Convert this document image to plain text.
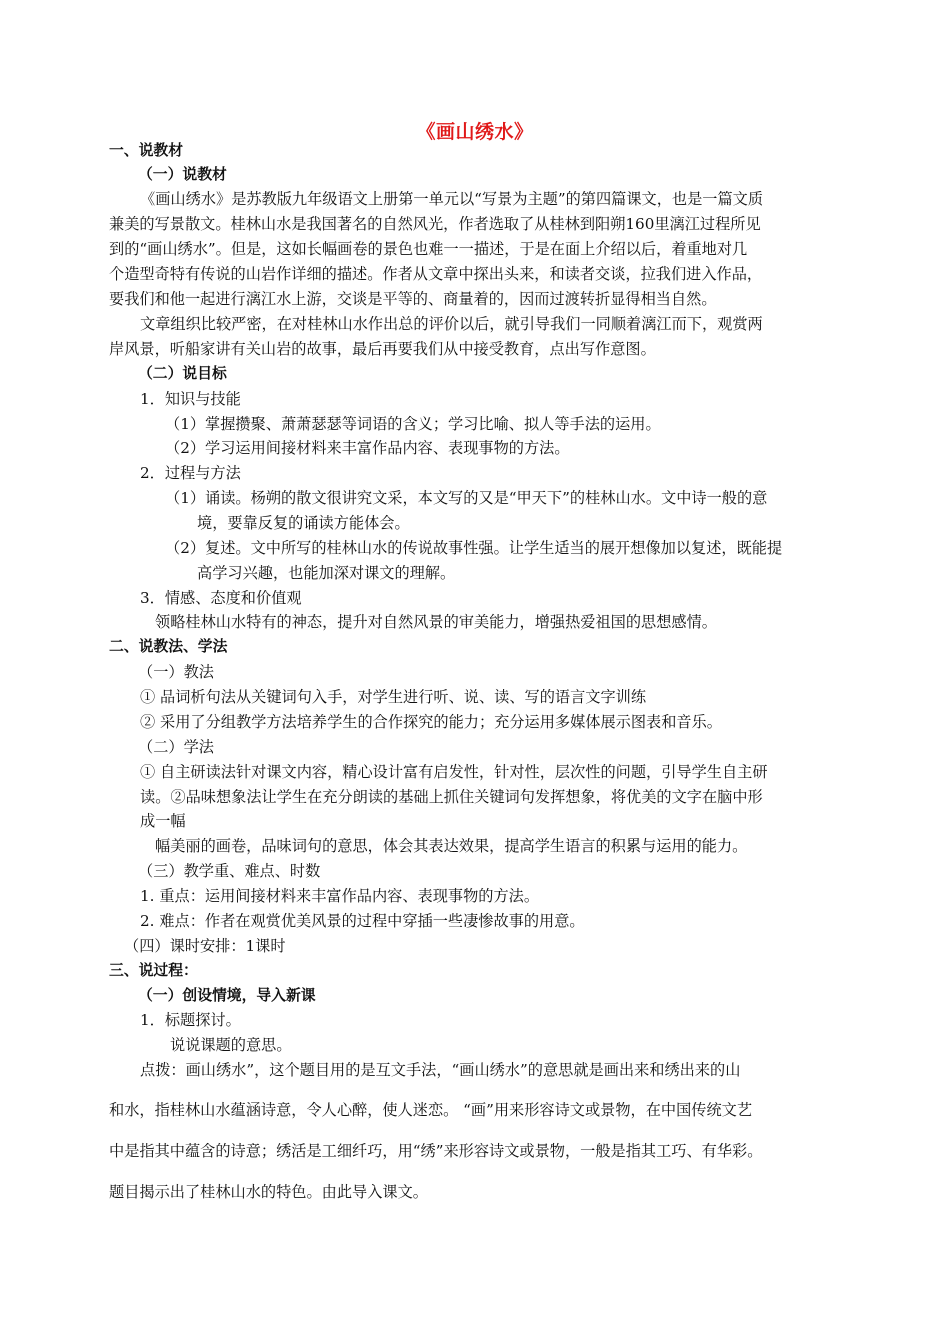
《画山绣水》
一、说教材
（一）说教材
《画山绣水》是苏教版九年级语文上册第一单元以“写景为主题”的第四篇课文，也是一篇文质
兼美的写景散文。桂林山水是我国著名的自然风光，作者选取了从桂林到阳朔160里漓江过程所见
到的“画山绣水”。但是，这如长幅画卷的景色也难一一描述，于是在面上介绍以后，着重地对几
个造型奇特有传说的山岩作详细的描述。作者从文章中探出头来，和读者交谈，拉我们进入作品，
要我们和他一起进行漓江水上游，交谈是平等的、商量着的，因而过渡转折显得相当自然。
文章组织比较严密，在对桂林山水作出总的评价以后，就引导我们一同顺着漓江而下，观赏两
岸风景，听船家讲有关山岩的故事，最后再要我们从中接受教育，点出写作意图。
（二）说目标
1．知识与技能
（1）掌握攒聚、萧萧瑟瑟等词语的含义；学习比喻、拟人等手法的运用。
（2）学习运用间接材料来丰富作品内容、表现事物的方法。
2．过程与方法
（1）诵读。杨朔的散文很讲究文采，本文写的又是“甲天下”的桂林山水。文中诗一般的意
境，要靠反复的诵读方能体会。
（2）复述。文中所写的桂林山水的传说故事性强。让学生适当的展开想像加以复述，既能提
高学习兴趣，也能加深对课文的理解。
3．情感、态度和价值观
领略桂林山水特有的神态，提升对自然风景的审美能力，增强热爱祖国的思想感情。
二、说教法、学法
（一）教法
① 品词析句法从关键词句入手，对学生进行听、说、读、写的语言文字训练
② 采用了分组教学方法培养学生的合作探究的能力；充分运用多媒体展示图表和音乐。
（二）学法
① 自主研读法针对课文内容，精心设计富有启发性，针对性，层次性的问题，引导学生自主研
读。②品味想象法让学生在充分朗读的基础上抓住关键词句发挥想象，将优美的文字在脑中形
成一幅
幅美丽的画卷，品味词句的意思，体会其表达效果，提高学生语言的积累与运用的能力。
（三）教学重、难点、时数
1. 重点：运用间接材料来丰富作品内容、表现事物的方法。
2. 难点：作者在观赏优美风景的过程中穿插一些凄惨故事的用意。
（四）课时安排：1课时
三、说过程：
（一）创设情境，导入新课
1．标题探讨。
说说课题的意思。
点拨：画山绣水”，这个题目用的是互文手法，“画山绣水”的意思就是画出来和绣出来的山
和水，指桂林山水蕴涵诗意，令人心醉，使人迷恋。 “画”用来形容诗文或景物，在中国传统文艺
中是指其中蕴含的诗意；绣活是工细纤巧，用“绣”来形容诗文或景物，一般是指其工巧、有华彩。
题目揭示出了桂林山水的特色。由此导入课文。
